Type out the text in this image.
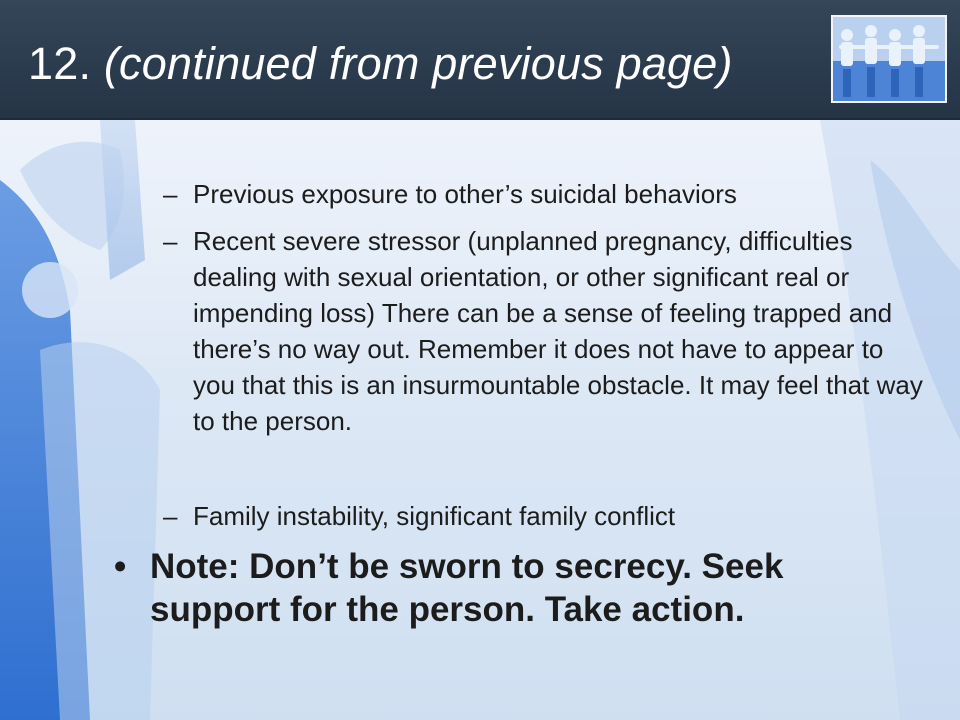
12. (continued from previous page)
– Previous exposure to other’s suicidal behaviors
– Recent severe stressor (unplanned pregnancy, difficulties dealing with sexual orientation, or other significant real or impending loss) There can be a sense of feeling trapped and there’s no way out. Remember it does not have to appear to you that this is an insurmountable obstacle. It may feel that way to the person.
– Family instability, significant family conflict
• Note: Don’t be sworn to secrecy. Seek support for the person. Take action.
